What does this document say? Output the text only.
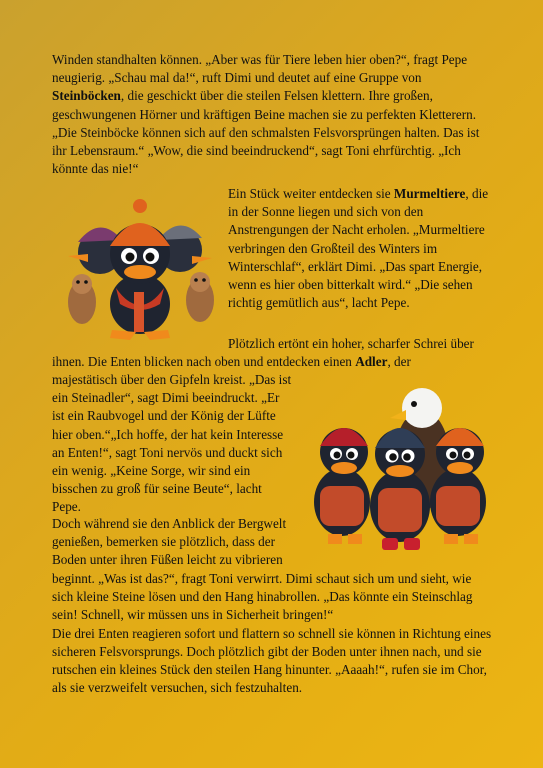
Winden standhalten können. „Aber was für Tiere leben hier oben?“, fragt Pepe neugierig. „Schau mal da!“, ruft Dimi und deutet auf eine Gruppe von Steinböcken, die geschickt über die steilen Felsen klettern. Ihre großen, geschwungenen Hörner und kräftigen Beine machen sie zu perfekten Kletterern. „Die Steinböcke können sich auf den schmalsten Felsvorsprüngen halten. Das ist ihr Lebensraum.“ „Wow, die sind beeindruckend“, sagt Toni ehrfürchtig. „Ich könnte das nie!“
Ein Stück weiter entdecken sie Murmeltiere, die in der Sonne liegen und sich von den Anstrengungen der Nacht erholen. „Murmeltiere verbringen den Großteil des Winters im Winterschlaf“, erklärt Dimi. „Das spart Energie, wenn es hier oben bitterkalt wird.“ „Die sehen richtig gemütlich aus“, lacht Pepe.
Plötzlich ertönt ein hoher, scharfer Schrei über
ihnen. Die Enten blicken nach oben und entdecken einen Adler, der
majestätisch über den Gipfeln kreist. „Das ist ein Steinadler“, sagt Dimi beeindruckt. „Er ist ein Raubvogel und der König der Lüfte hier oben.“„Ich hoffe, der hat kein Interesse an Enten!“, sagt Toni nervös und duckt sich ein wenig. „Keine Sorge, wir sind ein bisschen zu groß für seine Beute“, lacht Pepe.
Doch während sie den Anblick der Bergwelt genießen, bemerken sie plötzlich, dass der Boden unter ihren Füßen leicht zu vibrieren
beginnt. „Was ist das?“, fragt Toni verwirrt. Dimi schaut sich um und sieht, wie sich kleine Steine lösen und den Hang hinabrollen. „Das könnte ein Steinschlag sein! Schnell, wir müssen uns in Sicherheit bringen!“
Die drei Enten reagieren sofort und flattern so schnell sie können in Richtung eines sicheren Felsvorsprungs. Doch plötzlich gibt der Boden unter ihnen nach, und sie rutschen ein kleines Stück den steilen Hang hinunter. „Aaaah!“, rufen sie im Chor, als sie verzweifelt versuchen, sich festzuhalten.
